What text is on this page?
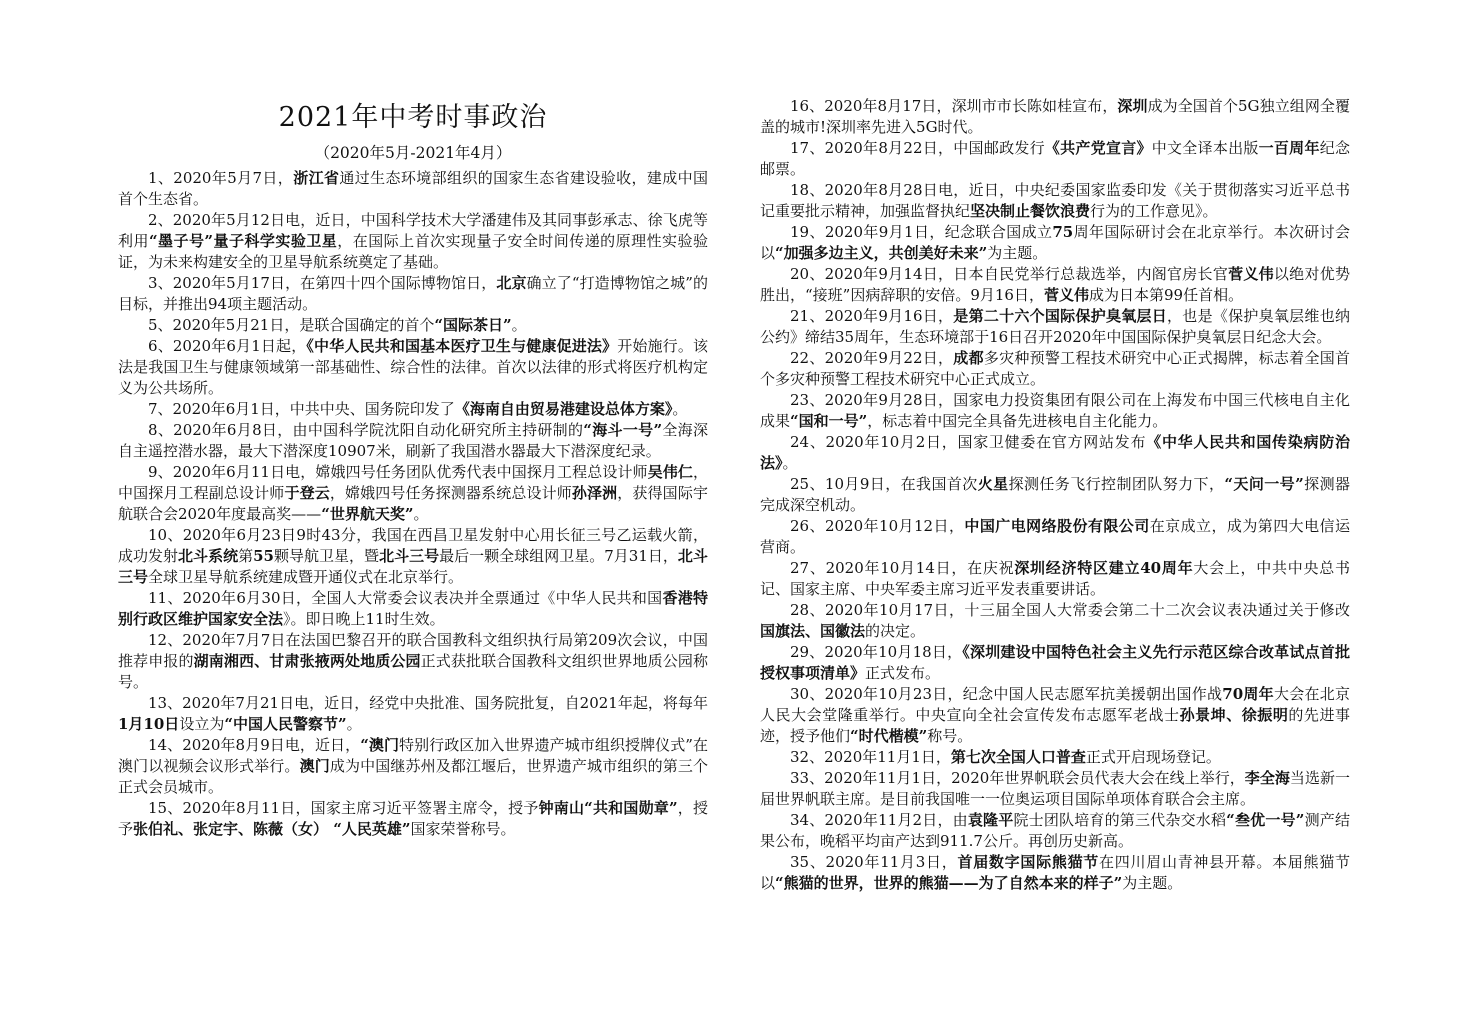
2021年中考时事政治

（2020年5月-2021年4月）

1、2020年5月7日，浙江省通过生态环境部组织的国家生态省建设验收，建成中国首个生态省。

2、2020年5月12日电，近日，中国科学技术大学潘建伟及其同事彭承志、徐飞虎等利用“墨子号”量子科学实验卫星，在国际上首次实现量子安全时间传递的原理性实验验证，为未来构建安全的卫星导航系统奠定了基础。

3、2020年5月17日，在第四十四个国际博物馆日，北京确立了“打造博物馆之城”的目标，并推出94项主题活动。

5、2020年5月21日，是联合国确定的首个“国际茶日”。

6、2020年6月1日起，《中华人民共和国基本医疗卫生与健康促进法》开始施行。该法是我国卫生与健康领域第一部基础性、综合性的法律。首次以法律的形式将医疗机构定义为公共场所。

7、2020年6月1日，中共中央、国务院印发了《海南自由贸易港建设总体方案》。

8、2020年6月8日，由中国科学院沈阳自动化研究所主持研制的“海斗一号”全海深自主遥控潜水器，最大下潜深度10907米，刷新了我国潜水器最大下潜深度纪录。

9、2020年6月11日电，嫦娥四号任务团队优秀代表中国探月工程总设计师吴伟仁，中国探月工程副总设计师于登云，嫦娥四号任务探测器系统总设计师孙泽洲，获得国际宇航联合会2020年度最高奖——“世界航天奖”。

10、2020年6月23日9时43分，我国在西昌卫星发射中心用长征三号乙运载火箭，成功发射北斗系统第55颗导航卫星，暨北斗三号最后一颗全球组网卫星。7月31日，北斗三号全球卫星导航系统建成暨开通仪式在北京举行。

11、2020年6月30日，全国人大常委会议表决并全票通过《中华人民共和国香港特别行政区维护国家安全法》。即日晚上11时生效。

12、2020年7月7日在法国巴黎召开的联合国教科文组织执行局第209次会议，中国推荐申报的湖南湘西、甘肃张掖两处地质公园正式获批联合国教科文组织世界地质公园称号。

13、2020年7月21日电，近日，经党中央批准、国务院批复，自2021年起，将每年1月10日设立为“中国人民警察节”。

14、2020年8月9日电，近日，“澳门特别行政区加入世界遗产城市组织授牌仪式”在澳门以视频会议形式举行。澳门成为中国继苏州及都江堰后，世界遗产城市组织的第三个正式会员城市。

15、2020年8月11日，国家主席习近平签署主席令，授予钟南山“共和国勋章”，授予张伯礼、张定宇、陈薇（女） “人民英雄”国家荣誉称号。

16、2020年8月17日，深圳市市长陈如桂宣布，深圳成为全国首个5G独立组网全覆盖的城市!深圳率先进入5G时代。

17、2020年8月22日，中国邮政发行《共产党宣言》中文全译本出版一百周年纪念邮票。

18、2020年8月28日电，近日，中央纪委国家监委印发《关于贯彻落实习近平总书记重要批示精神，加强监督执纪坚决制止餐饮浪费行为的工作意见》。

19、2020年9月1日，纪念联合国成立75周年国际研讨会在北京举行。本次研讨会以“加强多边主义，共创美好未来”为主题。

20、2020年9月14日，日本自民党举行总裁选举，内阁官房长官菅义伟以绝对优势胜出，“接班”因病辞职的安倍。9月16日，菅义伟成为日本第99任首相。

21、2020年9月16日，是第二十六个国际保护臭氧层日，也是《保护臭氧层维也纳公约》缔结35周年，生态环境部于16日召开2020年中国国际保护臭氧层日纪念大会。

22、2020年9月22日，成都多灾种预警工程技术研究中心正式揭牌，标志着全国首个多灾种预警工程技术研究中心正式成立。

23、2020年9月28日，国家电力投资集团有限公司在上海发布中国三代核电自主化成果“国和一号”，标志着中国完全具备先进核电自主化能力。

24、2020年10月2日，国家卫健委在官方网站发布《中华人民共和国传染病防治法》。

25、10月9日，在我国首次火星探测任务飞行控制团队努力下，“天问一号”探测器完成深空机动。

26、2020年10月12日，中国广电网络股份有限公司在京成立，成为第四大电信运营商。

27、2020年10月14日，在庆祝深圳经济特区建立40周年大会上，中共中央总书记、国家主席、中央军委主席习近平发表重要讲话。

28、2020年10月17日，十三届全国人大常委会第二十二次会议表决通过关于修改国旗法、国徽法的决定。

29、2020年10月18日，《深圳建设中国特色社会主义先行示范区综合改革试点首批授权事项清单》正式发布。

30、2020年10月23日，纪念中国人民志愿军抗美援朝出国作战70周年大会在北京人民大会堂隆重举行。中央宣向全社会宣传发布志愿军老战士孙景坤、徐振明的先进事迹，授予他们“时代楷模”称号。

32、2020年11月1日，第七次全国人口普查正式开启现场登记。

33、2020年11月1日，2020年世界帆联会员代表大会在线上举行，李全海当选新一届世界帆联主席。是目前我国唯一一位奥运项目国际单项体育联合会主席。

34、2020年11月2日，由袁隆平院士团队培育的第三代杂交水稻“叁优一号”测产结果公布，晚稻平均亩产达到911.7公斤。再创历史新高。

35、2020年11月3日，首届数字国际熊猫节在四川眉山青神县开幕。本届熊猫节以“熊猫的世界，世界的熊猫——为了自然本来的样子”为主题。
